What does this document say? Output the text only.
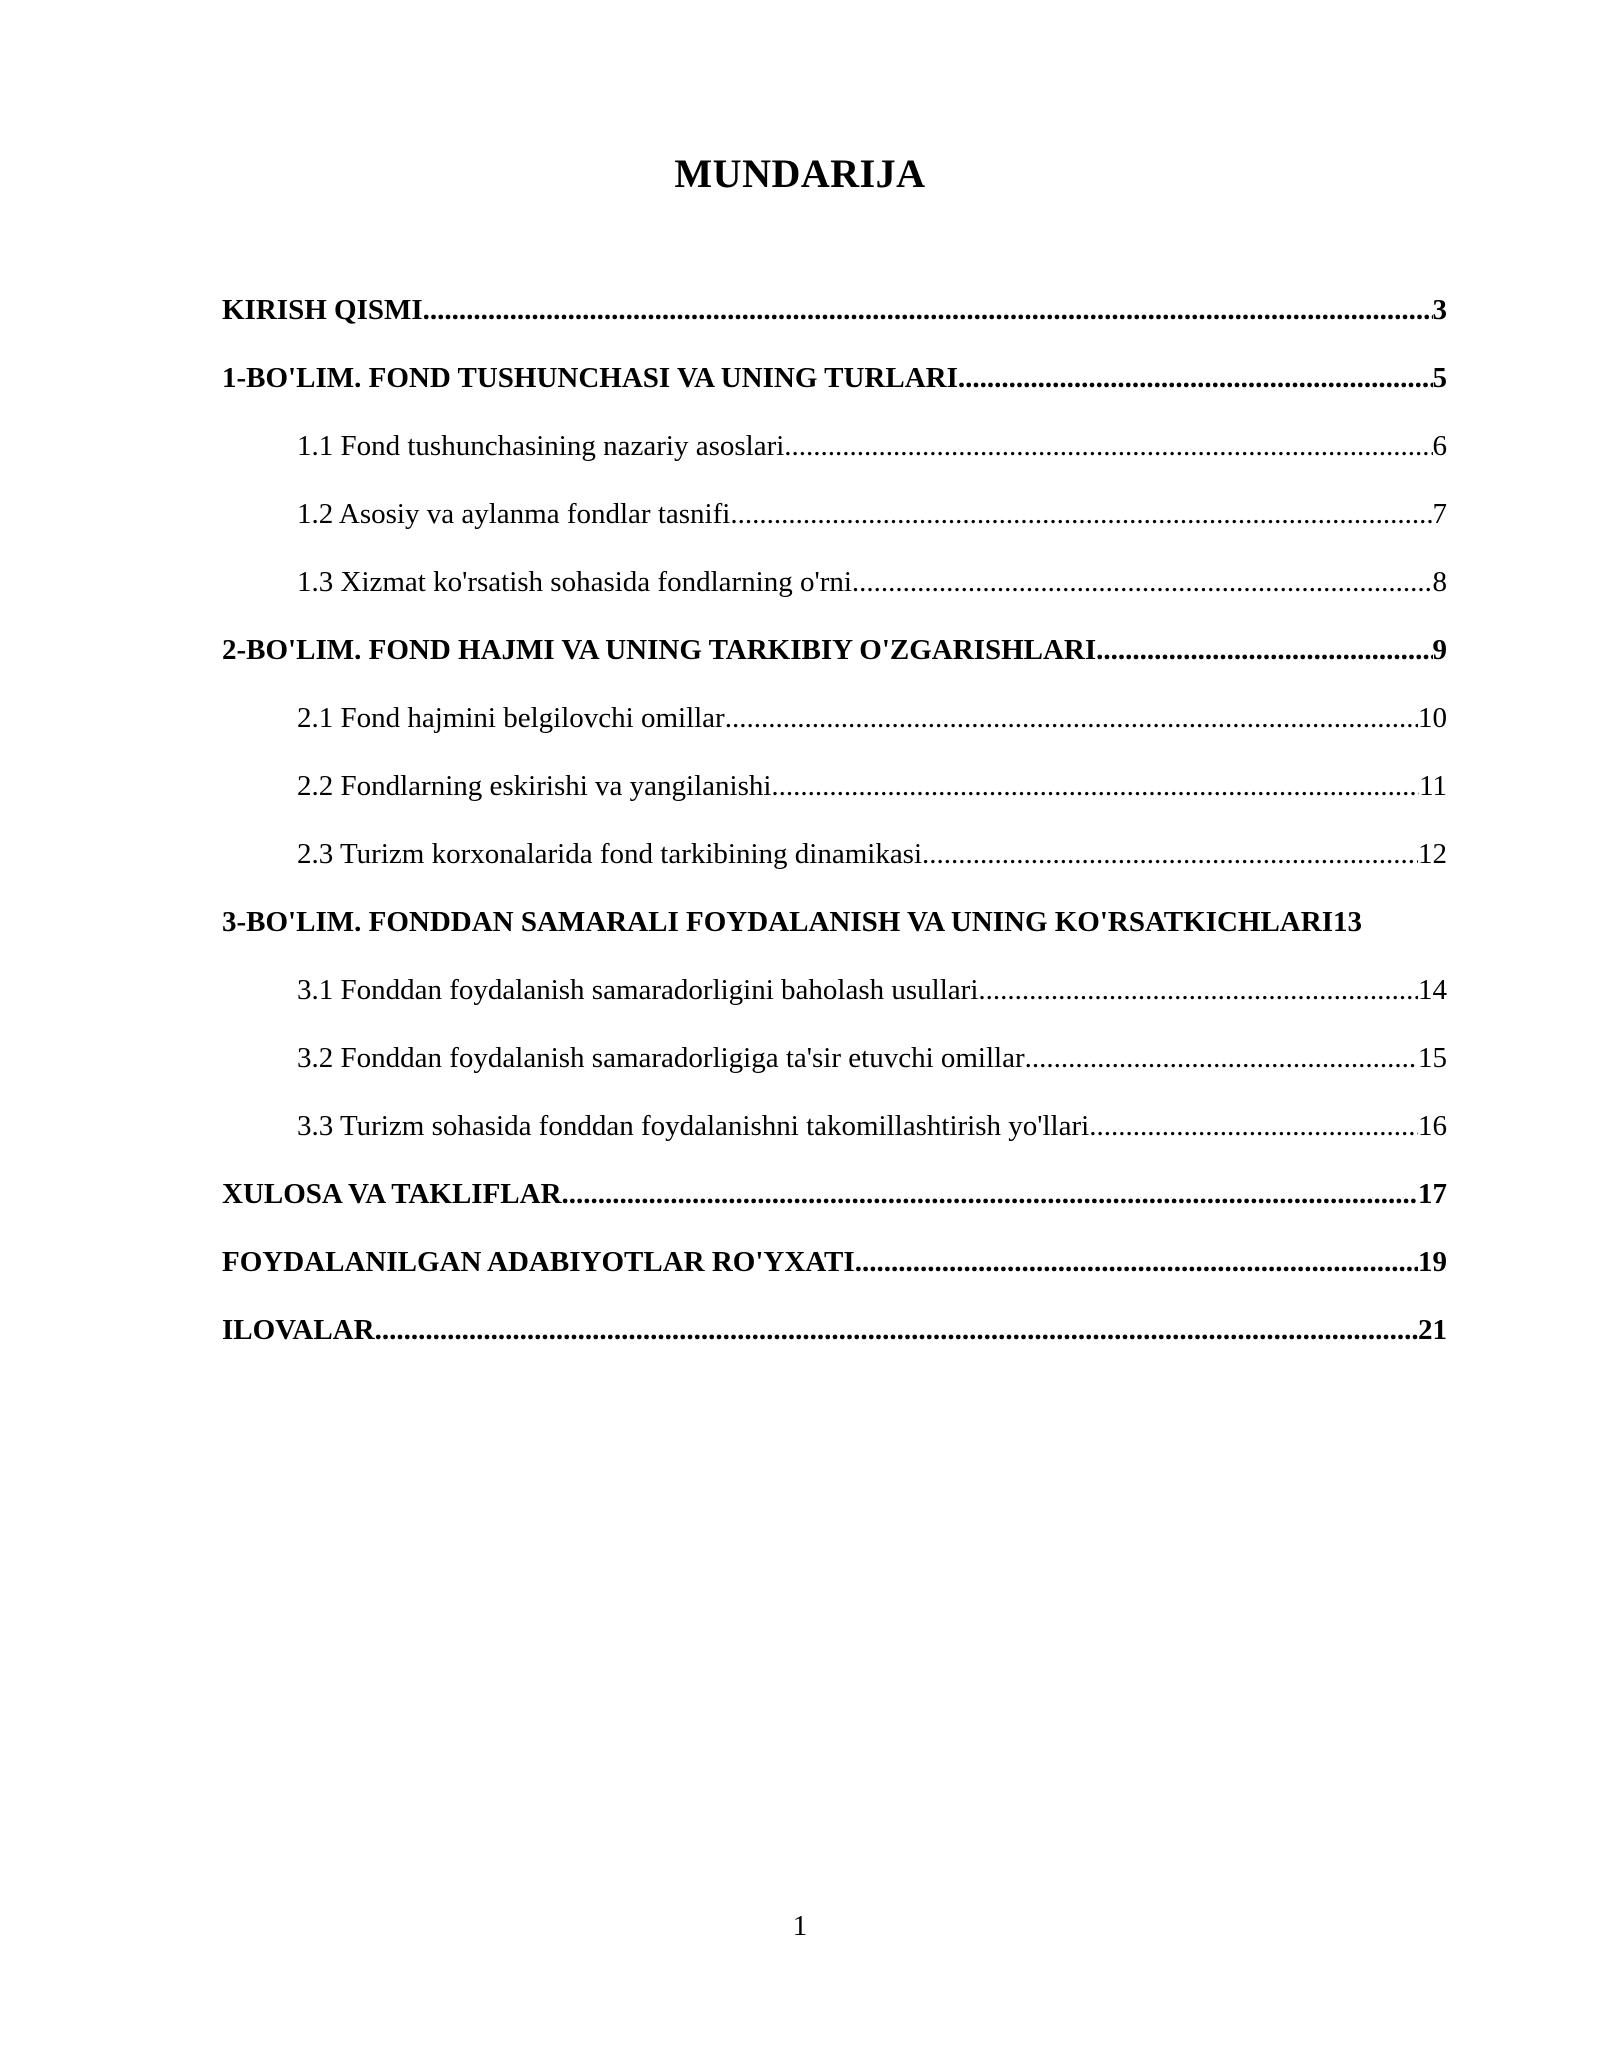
MUNDARIJA
KIRISH QISMI .....	3
1-BO'LIM. FOND TUSHUNCHASI VA UNING TURLARI .....	5
1.1 Fond tushunchasining nazariy asoslari .....	6
1.2 Asosiy va aylanma fondlar tasnifi .....	7
1.3 Xizmat ko'rsatish sohasida fondlarning o'rni .....	8
2-BO'LIM. FOND HAJMI VA UNING TARKIBIY O'ZGARISHLARI .....	9
2.1 Fond hajmini belgilovchi omillar .....	10
2.2 Fondlarning eskirishi va yangilanishi .....	11
2.3 Turizm korxonalarida fond tarkibining dinamikasi .....	12
3-BO'LIM. FONDDAN SAMARALI FOYDALANISH VA UNING KO'RSATKICHLARI 13
3.1 Fonddan foydalanish samaradorligini baholash usullari .....	14
3.2 Fonddan foydalanish samaradorligiga ta'sir etuvchi omillar .....	15
3.3 Turizm sohasida fonddan foydalanishni takomillashtirish yo'llari .....	16
XULOSA VA TAKLIFLAR .....	17
FOYDALANILGAN ADABIYOTLAR RO'YXATI .....	19
ILOVALAR .....	21
1
